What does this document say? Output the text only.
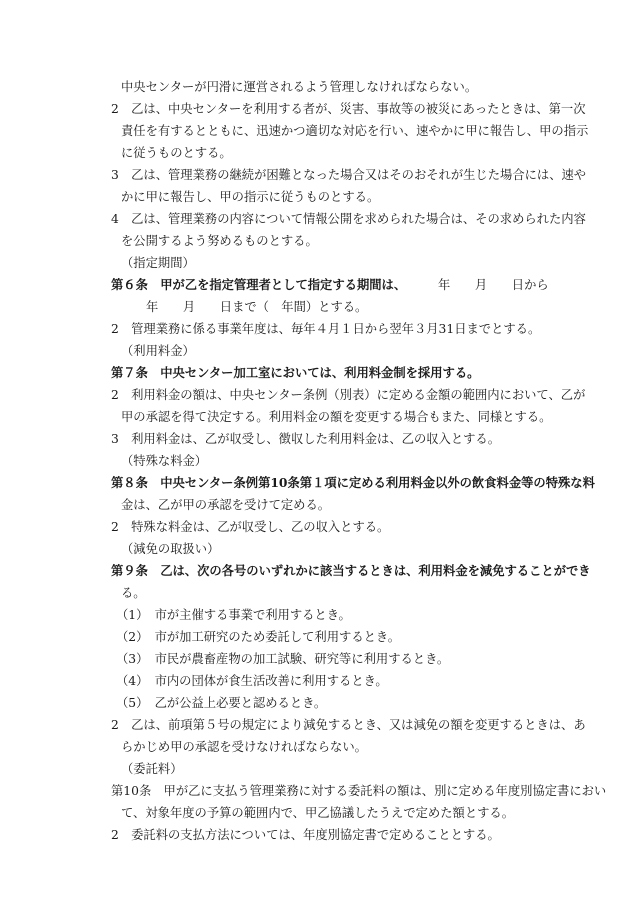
中央センターが円滑に運営されるよう管理しなければならない。
2　乙は、中央センターを利用する者が、災害、事故等の被災にあったときは、第一次
責任を有するとともに、迅速かつ適切な対応を行い、速やかに甲に報告し、甲の指示
に従うものとする。
3　乙は、管理業務の継続が困難となった場合又はそのおそれが生じた場合には、速や
かに甲に報告し、甲の指示に従うものとする。
4　乙は、管理業務の内容について情報公開を求められた場合は、その求められた内容
を公開するよう努めるものとする。
（指定期間）
第６条　甲が乙を指定管理者として指定する期間は、	年　　月　　日から
年　　月　　日まで（　年間）とする。
2　管理業務に係る事業年度は、毎年４月１日から翌年３月31日までとする。
（利用料金）
第７条　中央センター加工室においては、利用料金制を採用する。
2　利用料金の額は、中央センター条例（別表）に定める金額の範囲内において、乙が
甲の承認を得て決定する。利用料金の額を変更する場合もまた、同様とする。
3　利用料金は、乙が収受し、徴収した利用料金は、乙の収入とする。
（特殊な料金）
第８条　中央センター条例第10条第１項に定める利用料金以外の飲食料金等の特殊な料
金は、乙が甲の承認を受けて定める。
2　特殊な料金は、乙が収受し、乙の収入とする。
（減免の取扱い）
第９条　乙は、次の各号のいずれかに該当するときは、利用料金を減免することができ
る。
（1）　市が主催する事業で利用するとき。
（2）　市が加工研究のため委託して利用するとき。
（3）　市民が農畜産物の加工試験、研究等に利用するとき。
（4）　市内の団体が食生活改善に利用するとき。
（5）　乙が公益上必要と認めるとき。
2　乙は、前項第５号の規定により減免するとき、又は減免の額を変更するときは、あ
らかじめ甲の承認を受けなければならない。
（委託料）
第10条　甲が乙に支払う管理業務に対する委託料の額は、別に定める年度別協定書におい
て、対象年度の予算の範囲内で、甲乙協議したうえで定めた額とする。
2　委託料の支払方法については、年度別協定書で定めることとする。
